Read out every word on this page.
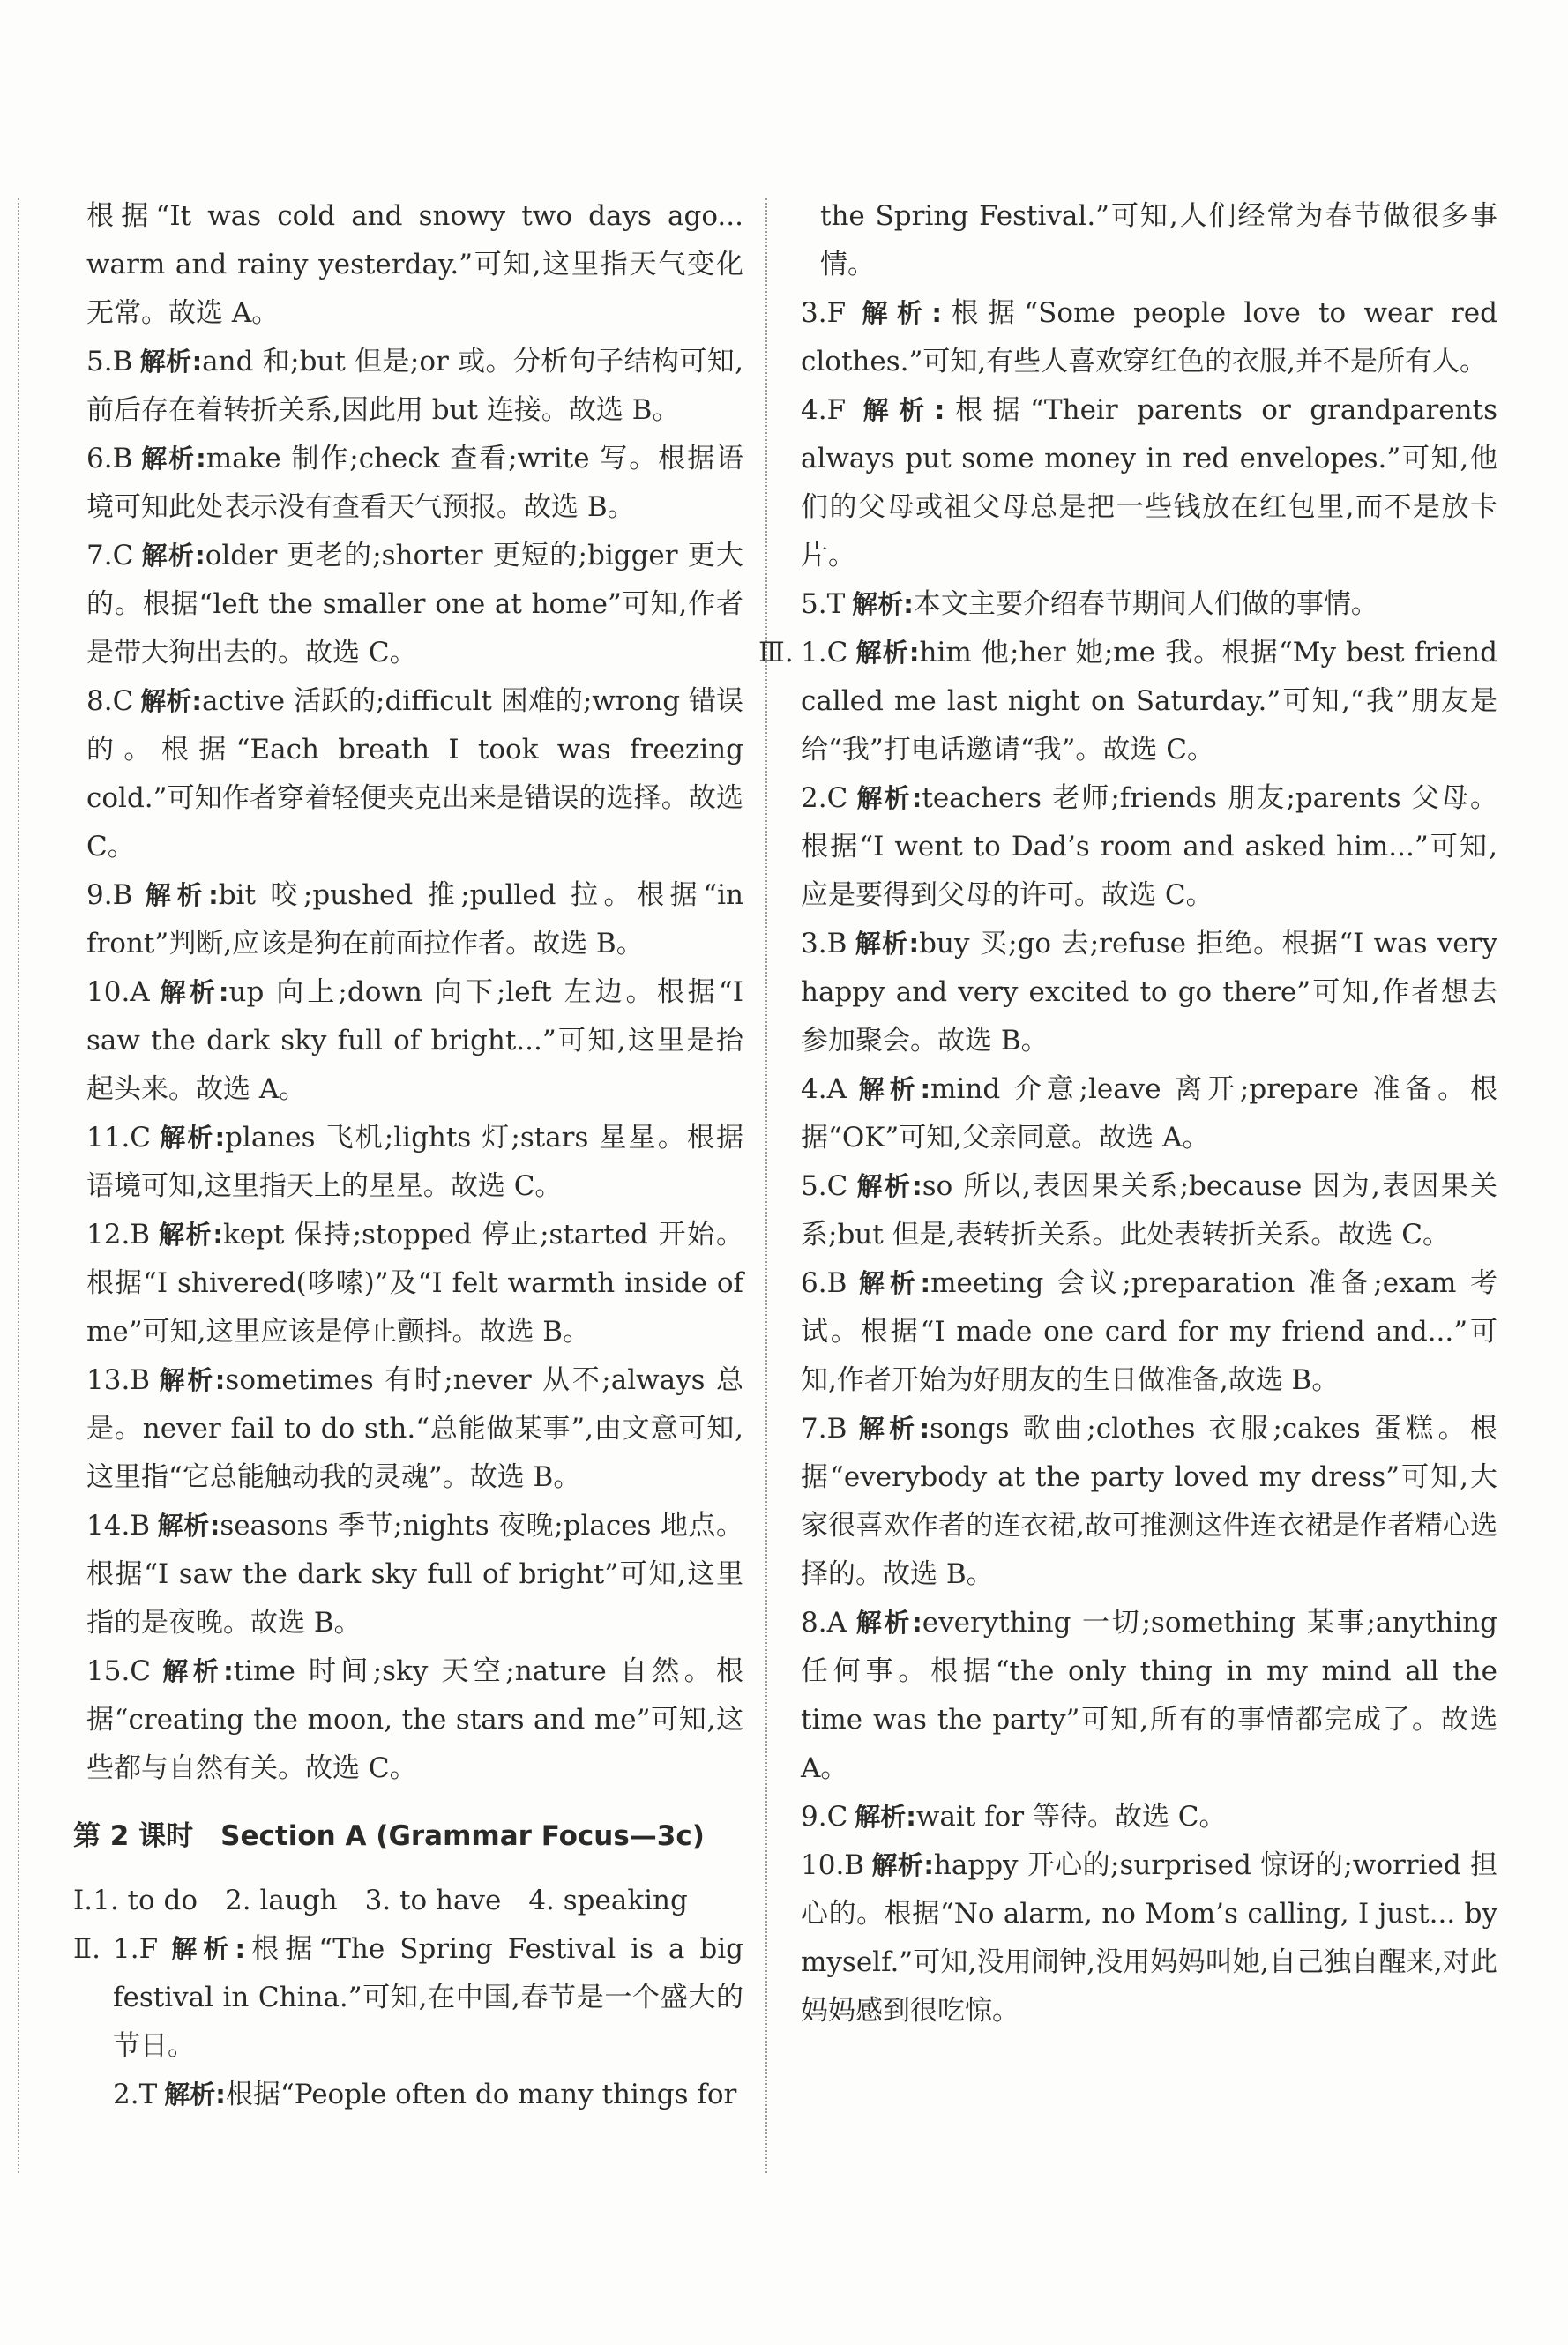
根据“It was cold and snowy two days ago... warm and rainy yesterday.”可知,这里指天气变化无常。故选 A。

5.B 解析:and 和;but 但是;or 或。分析句子结构可知,前后存在着转折关系,因此用 but 连接。故选 B。

6.B 解析:make 制作;check 查看;write 写。根据语境可知此处表示没有查看天气预报。故选 B。

7.C 解析:older 更老的;shorter 更短的;bigger 更大的。根据“left the smaller one at home”可知,作者是带大狗出去的。故选 C。

8.C 解析:active 活跃的;difficult 困难的;wrong 错误的。根据“Each breath I took was freezing cold.”可知作者穿着轻便夹克出来是错误的选择。故选 C。

9.B 解析:bit 咬;pushed 推;pulled 拉。根据“in front”判断,应该是狗在前面拉作者。故选 B。

10.A 解析:up 向上;down 向下;left 左边。根据“I saw the dark sky full of bright...”可知,这里是抬起头来。故选 A。

11.C 解析:planes 飞机;lights 灯;stars 星星。根据语境可知,这里指天上的星星。故选 C。

12.B 解析:kept 保持;stopped 停止;started 开始。根据“I shivered(哆嗦)”及“I felt warmth inside of me”可知,这里应该是停止颤抖。故选 B。

13.B 解析:sometimes 有时;never 从不;always 总是。never fail to do sth.“总能做某事”,由文意可知,这里指“它总能触动我的灵魂”。故选 B。

14.B 解析:seasons 季节;nights 夜晚;places 地点。根据“I saw the dark sky full of bright”可知,这里指的是夜晚。故选 B。

15.C 解析:time 时间;sky 天空;nature 自然。根据“creating the moon, the stars and me”可知,这些都与自然有关。故选 C。

第 2 课时　Section A (Grammar Focus—3c)

Ⅰ.1. to do　2. laugh　3. to have　4. speaking

Ⅱ. 1.F 解析:根据“The Spring Festival is a big festival in China.”可知,在中国,春节是一个盛大的节日。

2.T 解析:根据“People often do many things for

the Spring Festival.”可知,人们经常为春节做很多事情。

3.F 解析:根据“Some people love to wear red clothes.”可知,有些人喜欢穿红色的衣服,并不是所有人。

4.F 解析:根据“Their parents or grandparents always put some money in red envelopes.”可知,他们的父母或祖父母总是把一些钱放在红包里,而不是放卡片。

5.T 解析:本文主要介绍春节期间人们做的事情。

Ⅲ. 1.C 解析:him 他;her 她;me 我。根据“My best friend called me last night on Saturday.”可知,“我”朋友是给“我”打电话邀请“我”。故选 C。

2.C 解析:teachers 老师;friends 朋友;parents 父母。根据“I went to Dad’s room and asked him...”可知,应是要得到父母的许可。故选 C。

3.B 解析:buy 买;go 去;refuse 拒绝。根据“I was very happy and very excited to go there”可知,作者想去参加聚会。故选 B。

4.A 解析:mind 介意;leave 离开;prepare 准备。根据“OK”可知,父亲同意。故选 A。

5.C 解析:so 所以,表因果关系;because 因为,表因果关系;but 但是,表转折关系。此处表转折关系。故选 C。

6.B 解析:meeting 会议;preparation 准备;exam 考试。根据“I made one card for my friend and...”可知,作者开始为好朋友的生日做准备,故选 B。

7.B 解析:songs 歌曲;clothes 衣服;cakes 蛋糕。根据“everybody at the party loved my dress”可知,大家很喜欢作者的连衣裙,故可推测这件连衣裙是作者精心选择的。故选 B。

8.A 解析:everything 一切;something 某事;anything 任何事。根据“the only thing in my mind all the time was the party”可知,所有的事情都完成了。故选 A。

9.C 解析:wait for 等待。故选 C。

10.B 解析:happy 开心的;surprised 惊讶的;worried 担心的。根据“No alarm, no Mom’s calling, I just... by myself.”可知,没用闹钟,没用妈妈叫她,自己独自醒来,对此妈妈感到很吃惊。
